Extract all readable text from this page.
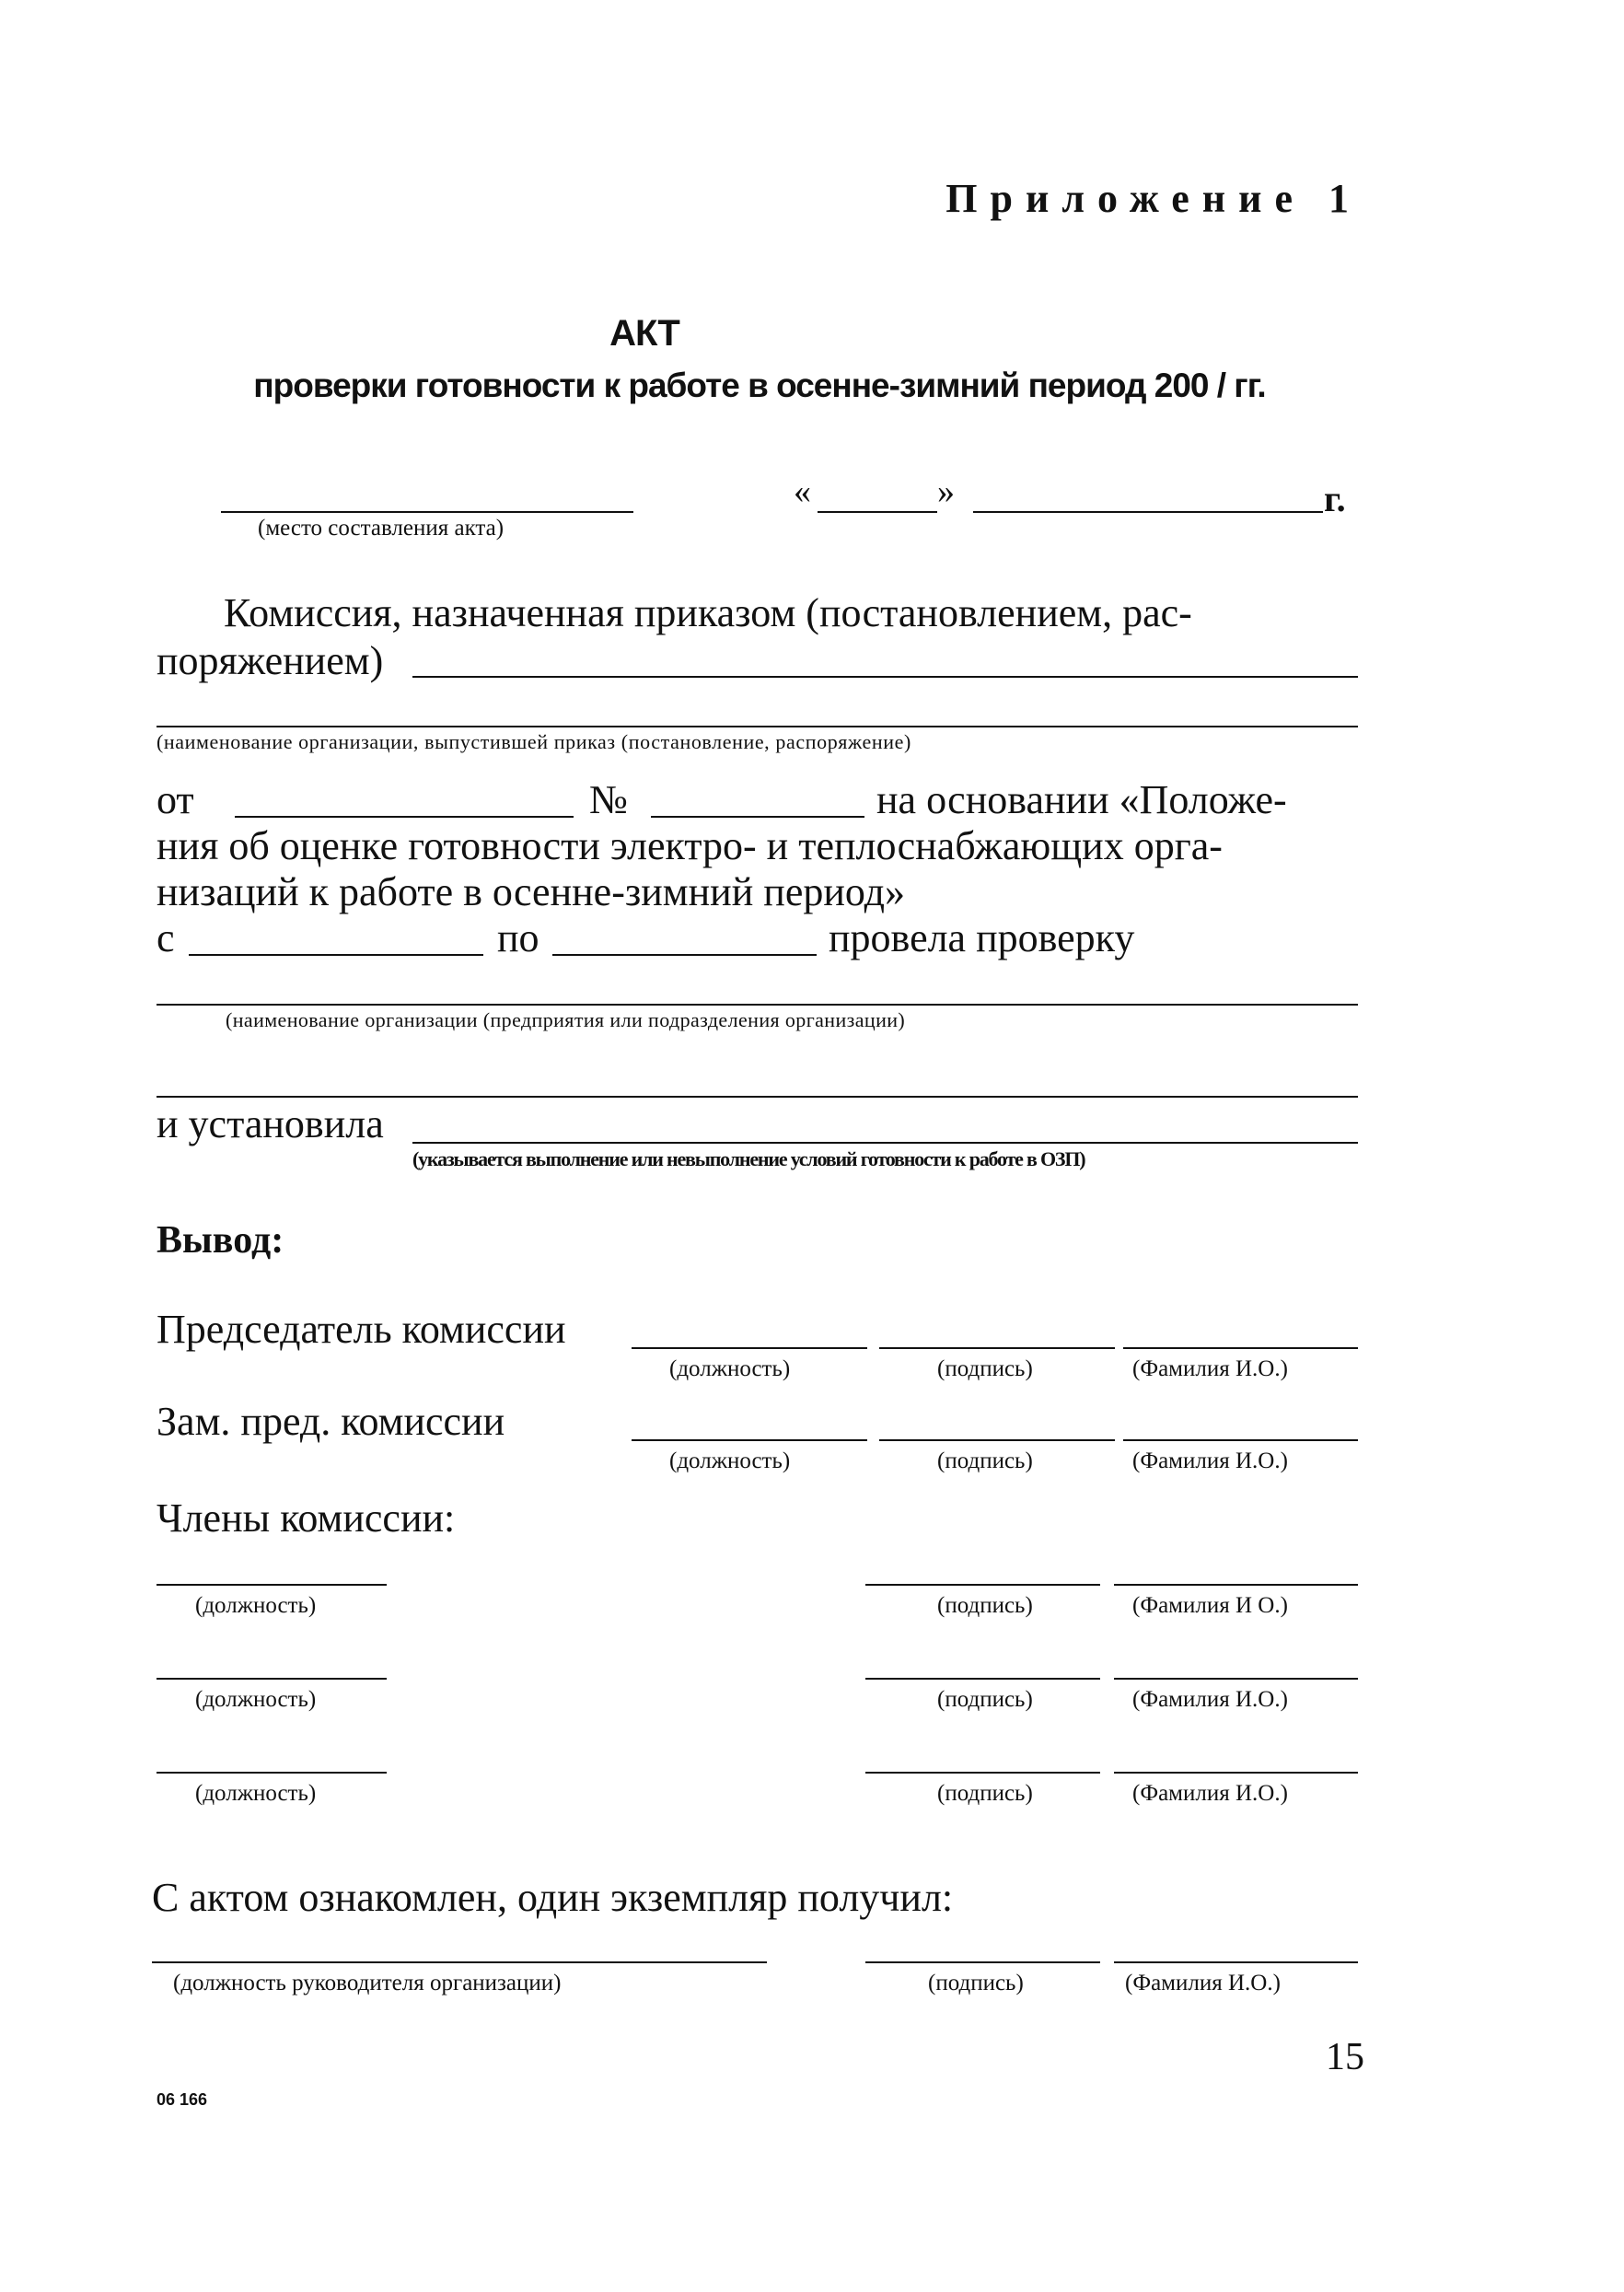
Приложение 1
АКТ
проверки готовности к работе в осенне-зимний период 200 / гг.
(место составления акта)
«	»	г.
Комиссия, назначенная приказом (постановлением, рас-
поряжением)
(наименование организации, выпустившей приказ (постановление, распоряжение)
от	№	на основании «Положе-
ния об оценке готовности электро- и теплоснабжающих орга-
низаций к работе в осенне-зимний период»
с	по	провела проверку
(наименование организации (предприятия или подразделения организации)
и установила
(указывается выполнение или невыполнение условий готовности к работе в ОЗП)
Вывод:
Председатель комиссии
(должность)	(подпись)	(Фамилия И.О.)
Зам. пред. комиссии
(должность)	(подпись)	(Фамилия И.О.)
Члены комиссии:
(должность)	(подпись)	(Фамилия И О.)
(должность)	(подпись)	(Фамилия И.О.)
(должность)	(подпись)	(Фамилия И.О.)
С актом ознакомлен, один экземпляр получил:
(должность руководителя организации)	(подпись)	(Фамилия И.О.)
15
06 166
